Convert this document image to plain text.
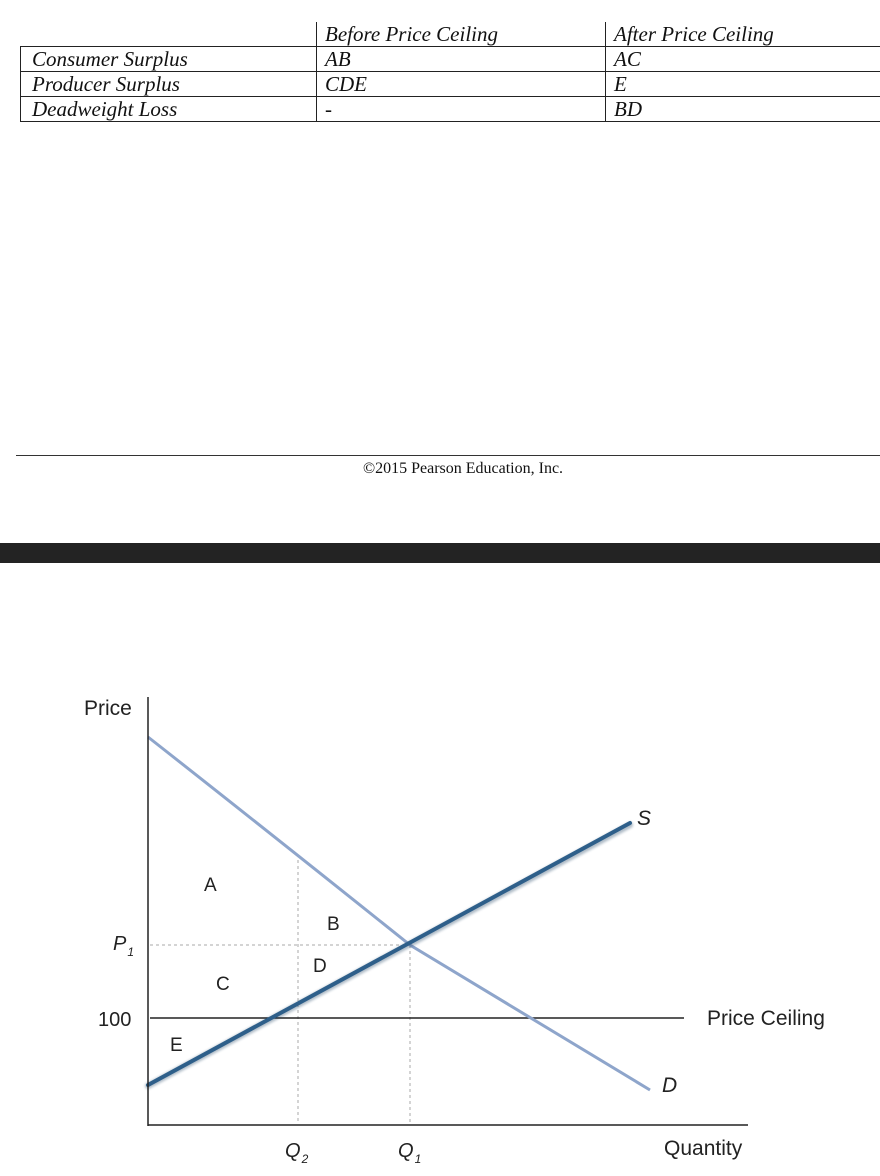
	Before Price Ceiling	After Price Ceiling
Consumer Surplus	AB	AC
Producer Surplus	CDE	E
Deadweight Loss	-	BD
©2015 Pearson Education, Inc.
Price
Quantity
$P_1$
100
$Q_2$	$Q_1$
S
D
Price Ceiling
A
B
C
D
E
